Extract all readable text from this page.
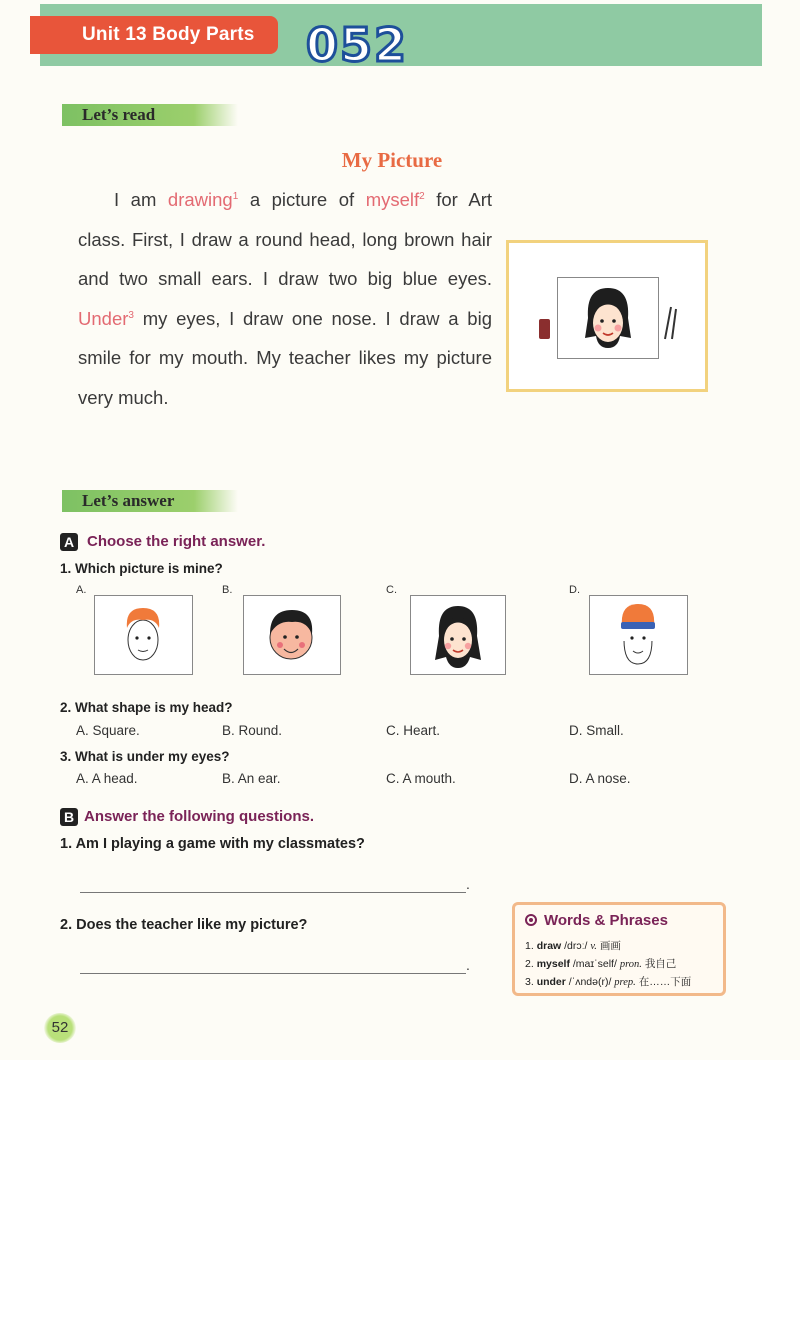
Unit 13 Body Parts	052
Let’s read
My Picture

I am drawing$^1$ a picture of myself$^2$ for Art class. First, I draw a round head, long brown hair and two small ears. I draw two big blue eyes. Under$^3$ my eyes, I draw one nose. I draw a big smile for my mouth. My teacher likes my picture very much.

Let’s answer
A Choose the right answer.
1. Which picture is mine?
A.	B.	C.	D.
2. What shape is my head?
A. Square.	B. Round.	C. Heart.	D. Small.
3. What is under my eyes?
A. A head.	B. An ear.	C. A mouth.	D. A nose.
B Answer the following questions.
1. Am I playing a game with my classmates?
.
2. Does the teacher like my picture?
.
Words & Phrases
1. draw /drɔː/ v. 画画
2. myself /maɪˈself/ pron. 我自己
3. under /ˈʌndə(r)/ prep. 在……下面
52
